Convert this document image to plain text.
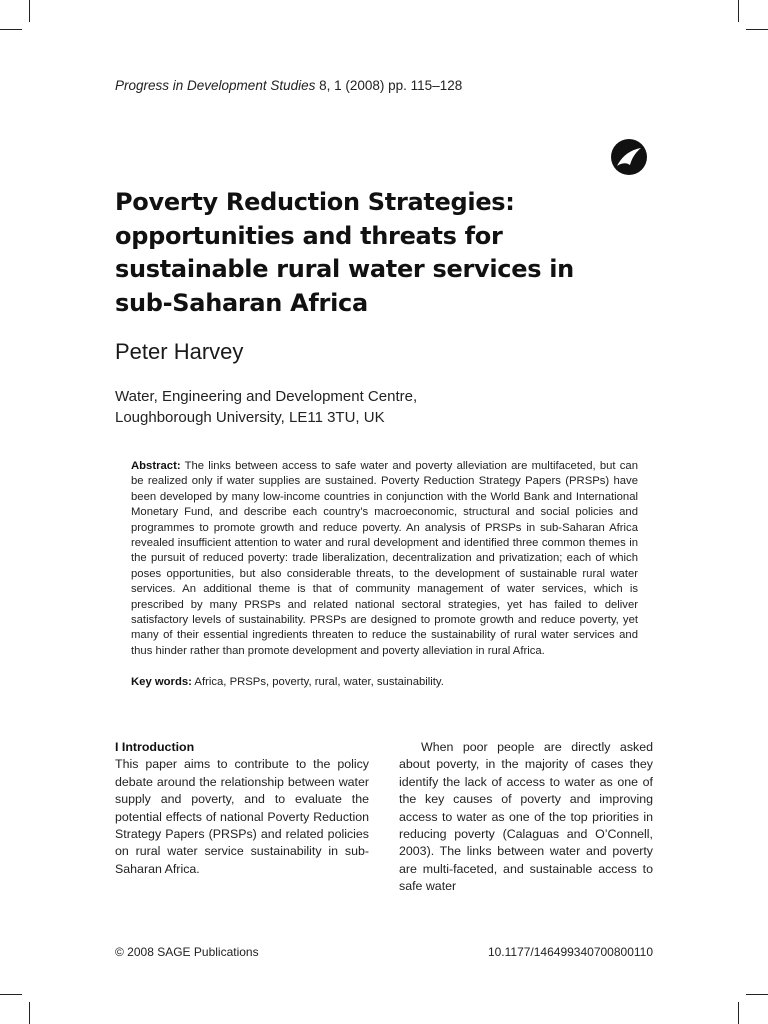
Progress in Development Studies 8, 1 (2008) pp. 115–128
Poverty Reduction Strategies: opportunities and threats for sustainable rural water services in sub-Saharan Africa
Peter Harvey
Water, Engineering and Development Centre,
Loughborough University, LE11 3TU, UK
Abstract: The links between access to safe water and poverty alleviation are multifaceted, but can be realized only if water supplies are sustained. Poverty Reduction Strategy Papers (PRSPs) have been developed by many low-income countries in conjunction with the World Bank and International Monetary Fund, and describe each country’s macroeconomic, structural and social policies and programmes to promote growth and reduce poverty. An analysis of PRSPs in sub-Saharan Africa revealed insufficient attention to water and rural development and identified three common themes in the pursuit of reduced poverty: trade liberalization, decentralization and privatization; each of which poses opportunities, but also considerable threats, to the development of sustainable rural water services. An additional theme is that of community management of water services, which is prescribed by many PRSPs and related national sectoral strategies, yet has failed to deliver satisfactory levels of sustainability. PRSPs are designed to promote growth and reduce poverty, yet many of their essential ingredients threaten to reduce the sustainability of rural water services and thus hinder rather than promote development and poverty alleviation in rural Africa.
Key words: Africa, PRSPs, poverty, rural, water, sustainability.
I Introduction

This paper aims to contribute to the policy debate around the relationship between water supply and poverty, and to evaluate the potential effects of national Poverty Reduction Strategy Papers (PRSPs) and related policies on rural water service sustainability in sub-Saharan Africa.

When poor people are directly asked about poverty, in the majority of cases they identify the lack of access to water as one of the key causes of poverty and improving access to water as one of the top priorities in reducing poverty (Calaguas and O’Connell, 2003). The links between water and poverty are multi-faceted, and sustainable access to safe water

© 2008 SAGE Publications	10.1177/146499340700800110
